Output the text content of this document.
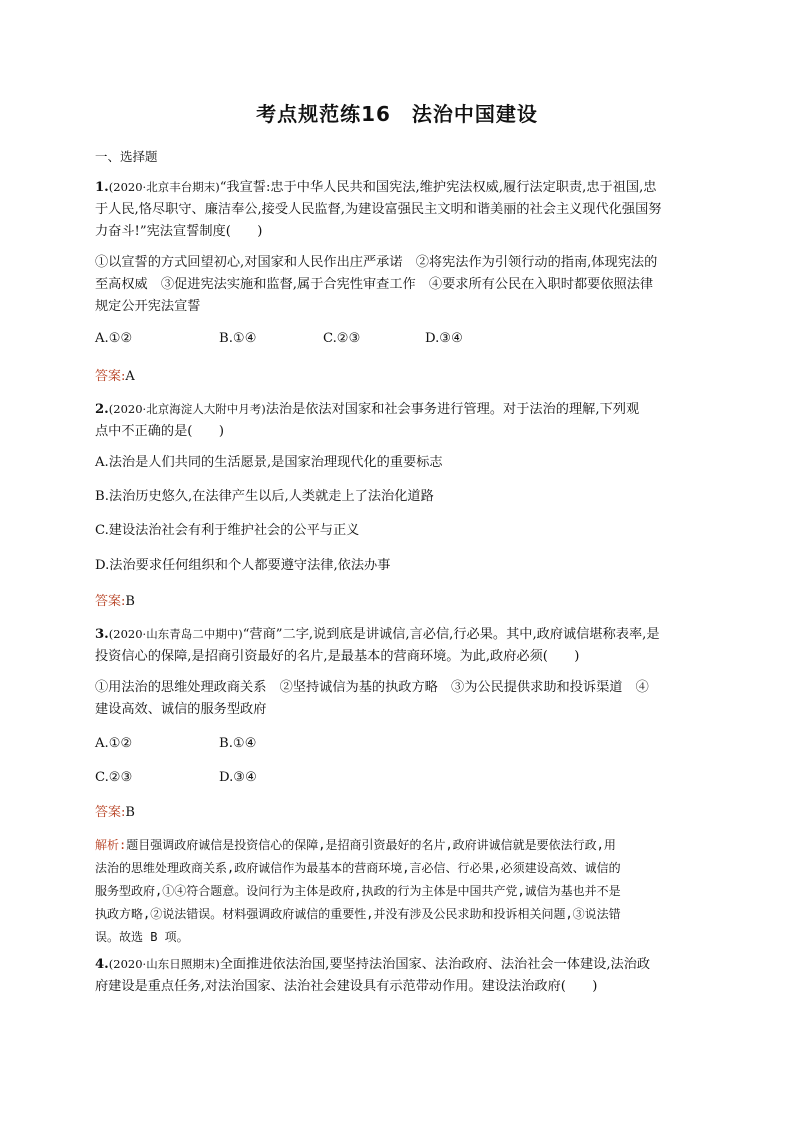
考点规范练16　法治中国建设
一、选择题
1.(2020·北京丰台期末)“我宣誓:忠于中华人民共和国宪法,维护宪法权威,履行法定职责,忠于祖国,忠
于人民,恪尽职守、廉洁奉公,接受人民监督,为建设富强民主文明和谐美丽的社会主义现代化强国努
力奋斗!”宪法宣誓制度(　　)
①以宣誓的方式回望初心,对国家和人民作出庄严承诺　②将宪法作为引领行动的指南,体现宪法的
至高权威　③促进宪法实施和监督,属于合宪性审查工作　④要求所有公民在入职时都要依照法律
规定公开宪法宣誓
A.①②	B.①④	C.②③	D.③④
答案:A
2.(2020·北京海淀人大附中月考)法治是依法对国家和社会事务进行管理。对于法治的理解,下列观
点中不正确的是(　　)
A.法治是人们共同的生活愿景,是国家治理现代化的重要标志
B.法治历史悠久,在法律产生以后,人类就走上了法治化道路
C.建设法治社会有利于维护社会的公平与正义
D.法治要求任何组织和个人都要遵守法律,依法办事
答案:B
3.(2020·山东青岛二中期中)“营商”二字,说到底是讲诚信,言必信,行必果。其中,政府诚信堪称表率,是
投资信心的保障,是招商引资最好的名片,是最基本的营商环境。为此,政府必须(　　)
①用法治的思维处理政商关系　②坚持诚信为基的执政方略　③为公民提供求助和投诉渠道　④
建设高效、诚信的服务型政府
A.①②	B.①④
C.②③	D.③④
答案:B
解析:题目强调政府诚信是投资信心的保障,是招商引资最好的名片,政府讲诚信就是要依法行政,用
法治的思维处理政商关系,政府诚信作为最基本的营商环境,言必信、行必果,必须建设高效、诚信的
服务型政府,①④符合题意。设问行为主体是政府,执政的行为主体是中国共产党,诚信为基也并不是
执政方略,②说法错误。材料强调政府诚信的重要性,并没有涉及公民求助和投诉相关问题,③说法错
误。故选 B 项。
4.(2020·山东日照期末)全面推进依法治国,要坚持法治国家、法治政府、法治社会一体建设,法治政
府建设是重点任务,对法治国家、法治社会建设具有示范带动作用。建设法治政府(　　)
